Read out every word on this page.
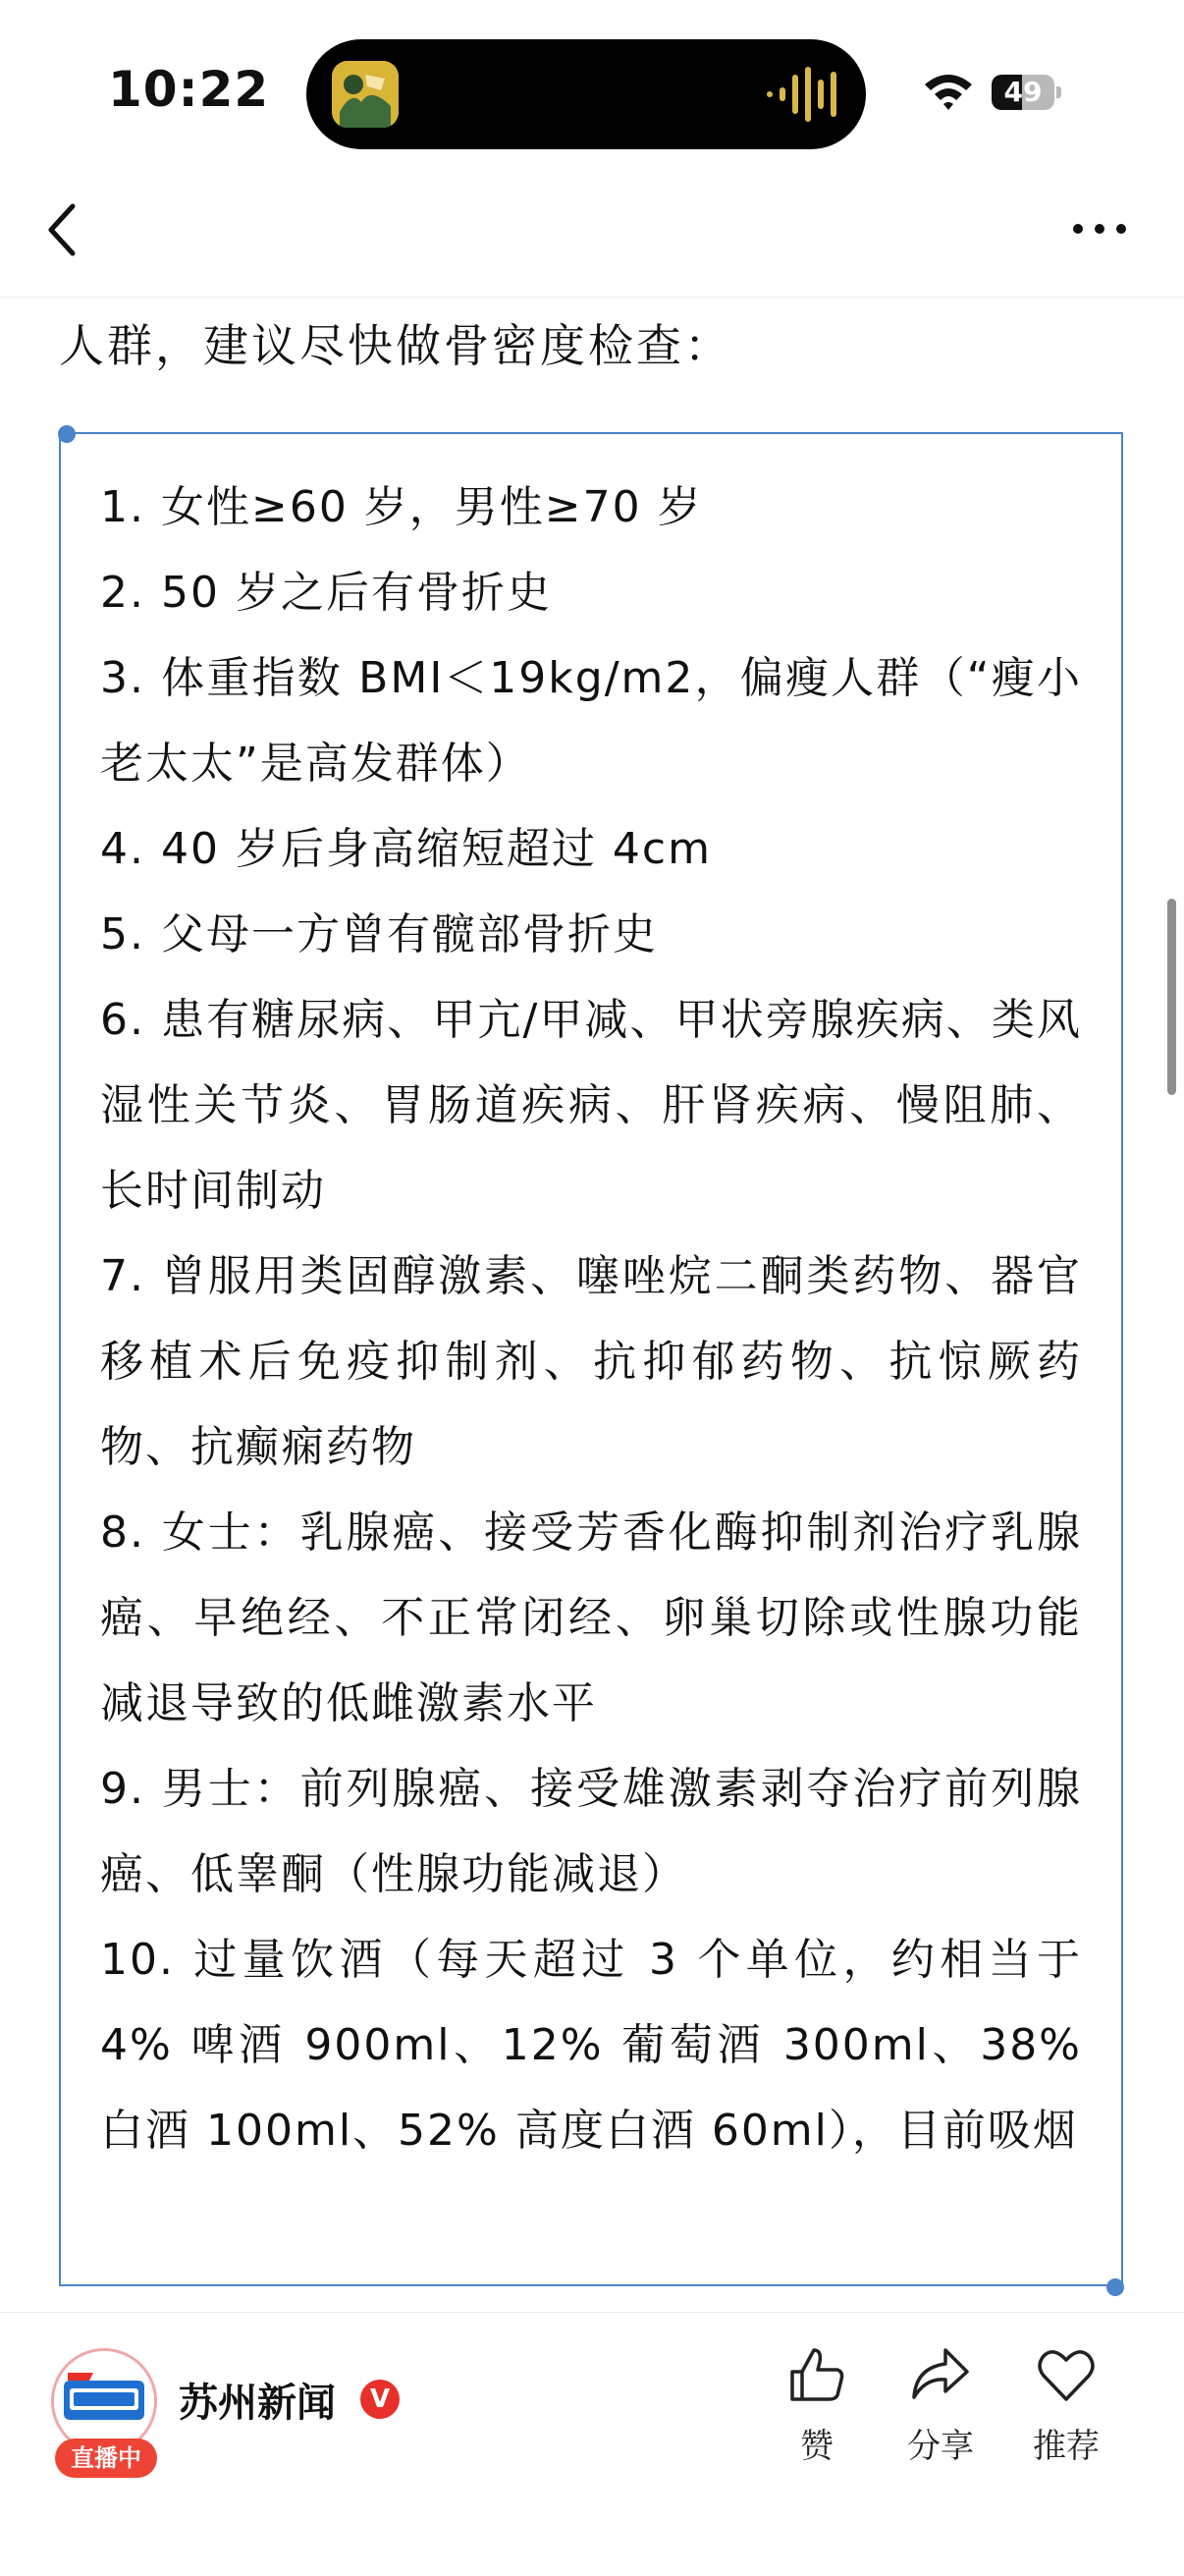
10:22	49
人群，建议尽快做骨密度检查：
1. 女性≥60 岁，男性≥70 岁
2. 50 岁之后有骨折史
3. 体重指数 BMI＜19kg/m2，偏瘦人群（“瘦小老太太”是高发群体）
4. 40 岁后身高缩短超过 4cm
5. 父母一方曾有髋部骨折史
6. 患有糖尿病、甲亢/甲减、甲状旁腺疾病、类风湿性关节炎、胃肠道疾病、肝肾疾病、慢阻肺、长时间制动
7. 曾服用类固醇激素、噻唑烷二酮类药物、器官移植术后免疫抑制剂、抗抑郁药物、抗惊厥药物、抗癫痫药物
8. 女士：乳腺癌、接受芳香化酶抑制剂治疗乳腺癌、早绝经、不正常闭经、卵巢切除或性腺功能减退导致的低雌激素水平
9. 男士：前列腺癌、接受雄激素剥夺治疗前列腺癌、低睾酮（性腺功能减退）
10. 过量饮酒（每天超过 3 个单位，约相当于 4% 啤酒 900ml、12% 葡萄酒 300ml、38% 白酒 100ml、52% 高度白酒 60ml），目前吸烟
直播中
苏州新闻	V
赞	分享	推荐
